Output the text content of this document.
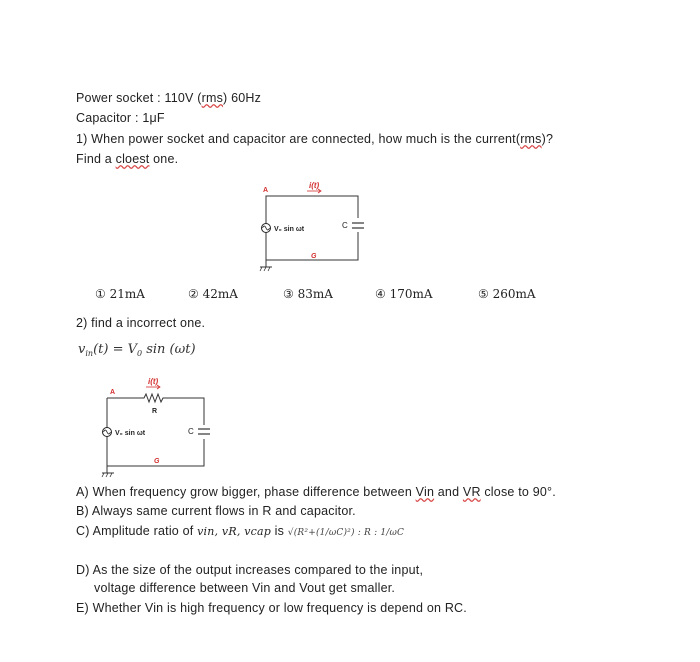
Power socket : 110V (rms) 60Hz
Capacitor : 1μF
1) When power socket and capacitor are connected, how much is the current(rms)?
Find a cloest one.
A
i(t)
C
V₀ sin ωt
G
① 21mA	② 42mA	③ 83mA	④ 170mA	⑤ 260mA
2) find a incorrect one.
$v_{in}(t) = V_0$ sin (ωt)
A
i(t)
R
C
V₀ sin ωt
G
A) When frequency grow bigger, phase difference between Vin and VR close to 90°.
B) Always same current flows in R and capacitor.
C) Amplitude ratio of vin, vR, vcap is √(R²+(1/ωC)²) : R : 1/ωC
D) As the size of the output increases compared to the input,
voltage difference between Vin and Vout get smaller.
E) Whether Vin is high frequency or low frequency is depend on RC.
